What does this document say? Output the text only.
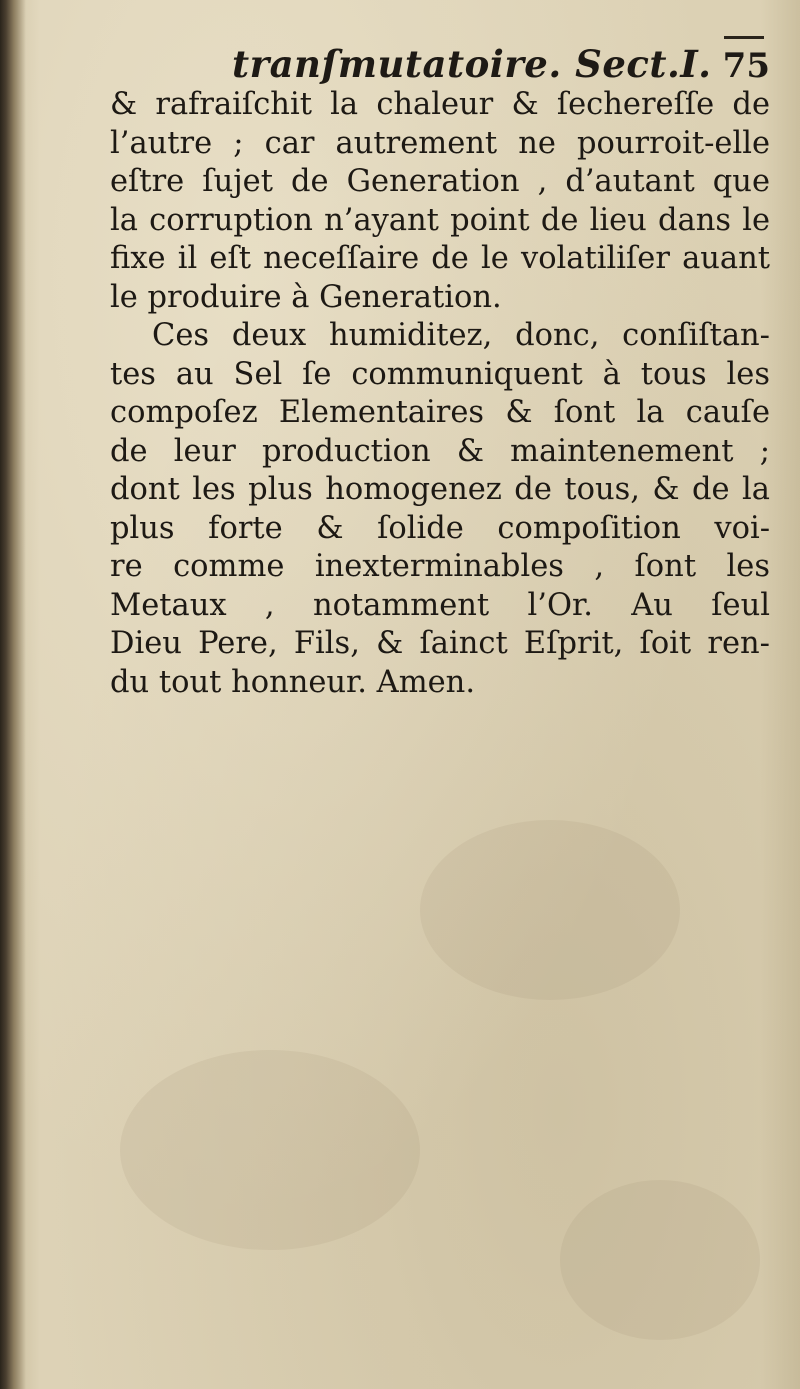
tranſmutatoire. Sect.I. 75
& rafraiſchit la chaleur & ſechereſſe de
l’autre ; car autrement ne pourroit-elle
eſtre ſujet de Generation , d’autant que
la corruption n’ayant point de lieu dans le
fixe il eſt neceſſaire de le volatiliſer auant
le produire à Generation.
Ces deux humiditez, donc, conſiſtan-
tes au Sel ſe communiquent à tous les
compoſez Elementaires & ſont la cauſe
de leur production & maintenement ;
dont les plus homogenez de tous, & de la
plus forte & ſolide compoſition voi-
re comme inexterminables , ſont les
Metaux , notamment l’Or. Au ſeul
Dieu Pere, Fils, & ſainct Eſprit, ſoit ren-
du tout honneur. Amen.
